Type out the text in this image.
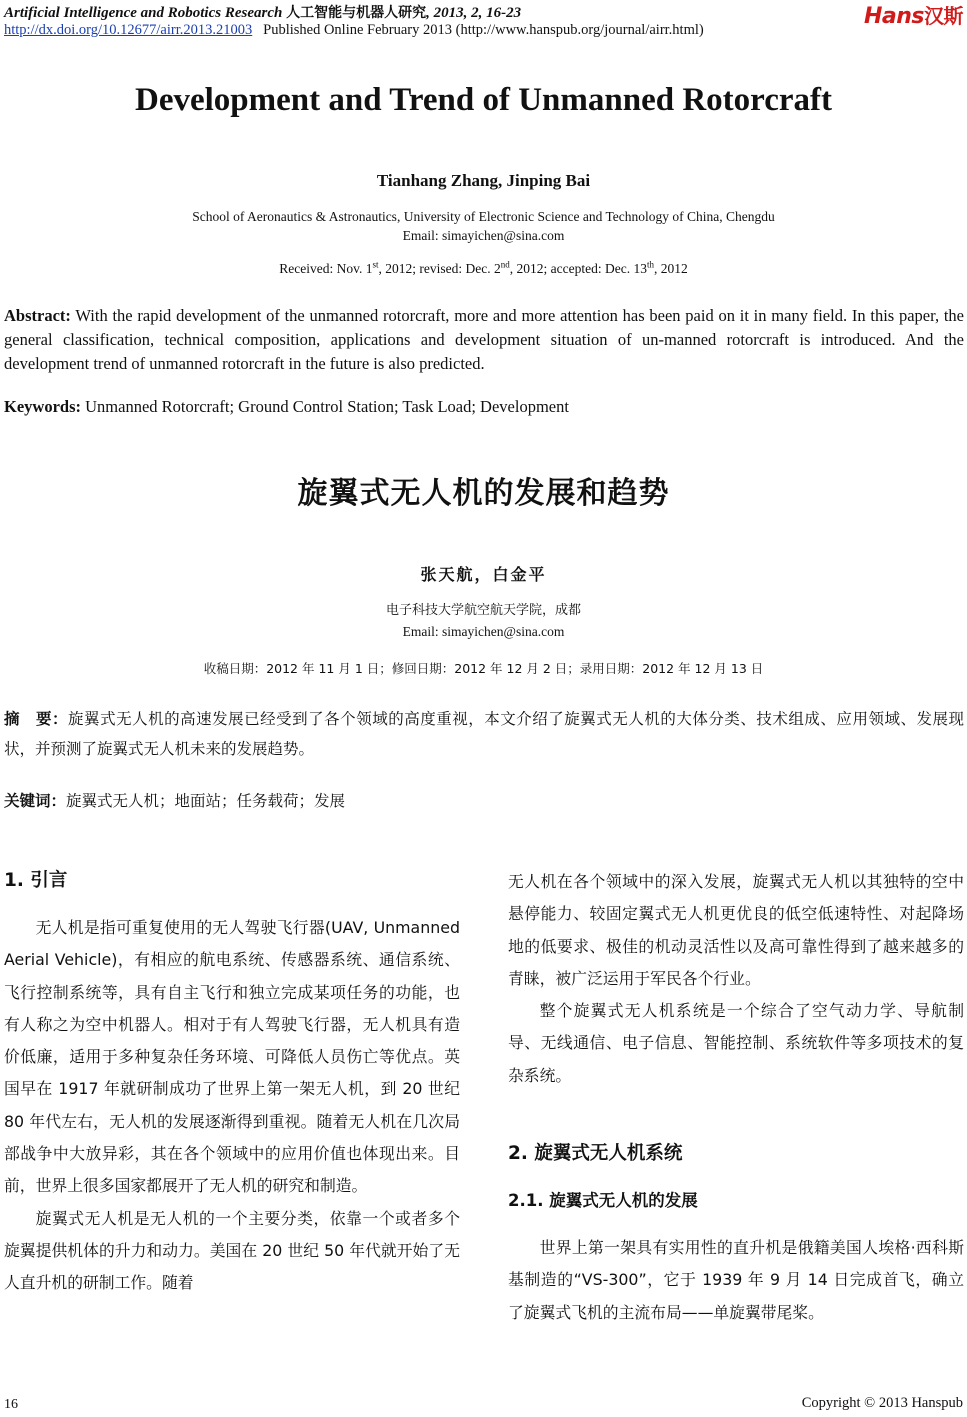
Artificial Intelligence and Robotics Research 人工智能与机器人研究, 2013, 2, 16-23	Hans汉斯
http://dx.doi.org/10.12677/airr.2013.21003 Published Online February 2013 (http://www.hanspub.org/journal/airr.html)
Development and Trend of Unmanned Rotorcraft
Tianhang Zhang, Jinping Bai
School of Aeronautics & Astronautics, University of Electronic Science and Technology of China, Chengdu
Email: simayichen@sina.com
Received: Nov. 1st, 2012; revised: Dec. 2nd, 2012; accepted: Dec. 13th, 2012
Abstract: With the rapid development of the unmanned rotorcraft, more and more attention has been paid on it in many field. In this paper, the general classification, technical composition, applications and development situation of un-manned rotorcraft is introduced. And the development trend of unmanned rotorcraft in the future is also predicted.
Keywords: Unmanned Rotorcraft; Ground Control Station; Task Load; Development
旋翼式无人机的发展和趋势
张天航，白金平
电子科技大学航空航天学院，成都
Email: simayichen@sina.com
收稿日期：2012 年 11 月 1 日；修回日期：2012 年 12 月 2 日；录用日期：2012 年 12 月 13 日
摘　要：旋翼式无人机的高速发展已经受到了各个领域的高度重视，本文介绍了旋翼式无人机的大体分类、技术组成、应用领域、发展现状，并预测了旋翼式无人机未来的发展趋势。
关键词：旋翼式无人机；地面站；任务载荷；发展
1. 引言

无人机是指可重复使用的无人驾驶飞行器(UAV, Unmanned Aerial Vehicle)，有相应的航电系统、传感器系统、通信系统、飞行控制系统等，具有自主飞行和独立完成某项任务的功能，也有人称之为空中机器人。相对于有人驾驶飞行器，无人机具有造价低廉，适用于多种复杂任务环境、可降低人员伤亡等优点。英国早在 1917 年就研制成功了世界上第一架无人机，到 20 世纪 80 年代左右，无人机的发展逐渐得到重视。随着无人机在几次局部战争中大放异彩，其在各个领域中的应用价值也体现出来。目前，世界上很多国家都展开了无人机的研究和制造。

旋翼式无人机是无人机的一个主要分类，依靠一个或者多个旋翼提供机体的升力和动力。美国在 20 世纪 50 年代就开始了无人直升机的研制工作。随着

无人机在各个领域中的深入发展，旋翼式无人机以其独特的空中悬停能力、较固定翼式无人机更优良的低空低速特性、对起降场地的低要求、极佳的机动灵活性以及高可靠性得到了越来越多的青睐，被广泛运用于军民各个行业。

整个旋翼式无人机系统是一个综合了空气动力学、导航制导、无线通信、电子信息、智能控制、系统软件等多项技术的复杂系统。

2. 旋翼式无人机系统
2.1. 旋翼式无人机的发展

世界上第一架具有实用性的直升机是俄籍美国人埃格·西科斯基制造的“VS-300”，它于 1939 年 9 月 14 日完成首飞，确立了旋翼式飞机的主流布局——单旋翼带尾桨。

16	Copyright © 2013 Hanspub
